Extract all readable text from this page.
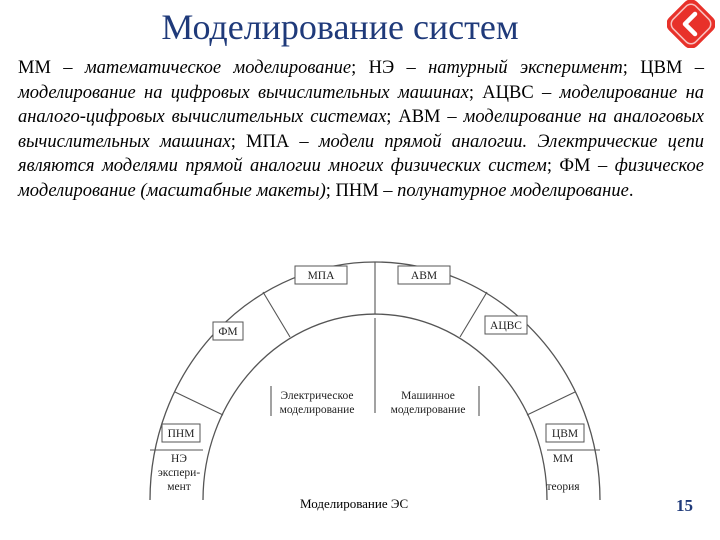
Моделирование систем

ММ – математическое моделирование; НЭ – натурный эксперимент; ЦВМ – моделирование на цифровых вычислительных машинах; АЦВС – моделирование на аналого-цифровых вычислительных системах; АВМ – моделирование на аналоговых вычислительных машинах; МПА – модели прямой аналогии. Электрические цепи являются моделями прямой аналогии многих физических систем; ФМ – физическое моделирование (масштабные макеты); ПНМ – полунатурное моделирование.

МПА	АВМ
ФМ	АЦВС
ПНМ	ЦВМ
Электрическое
моделирование
Машинное
моделирование
НЭ
экспери-
мент
ММ
теория
Моделирование ЭС	15
